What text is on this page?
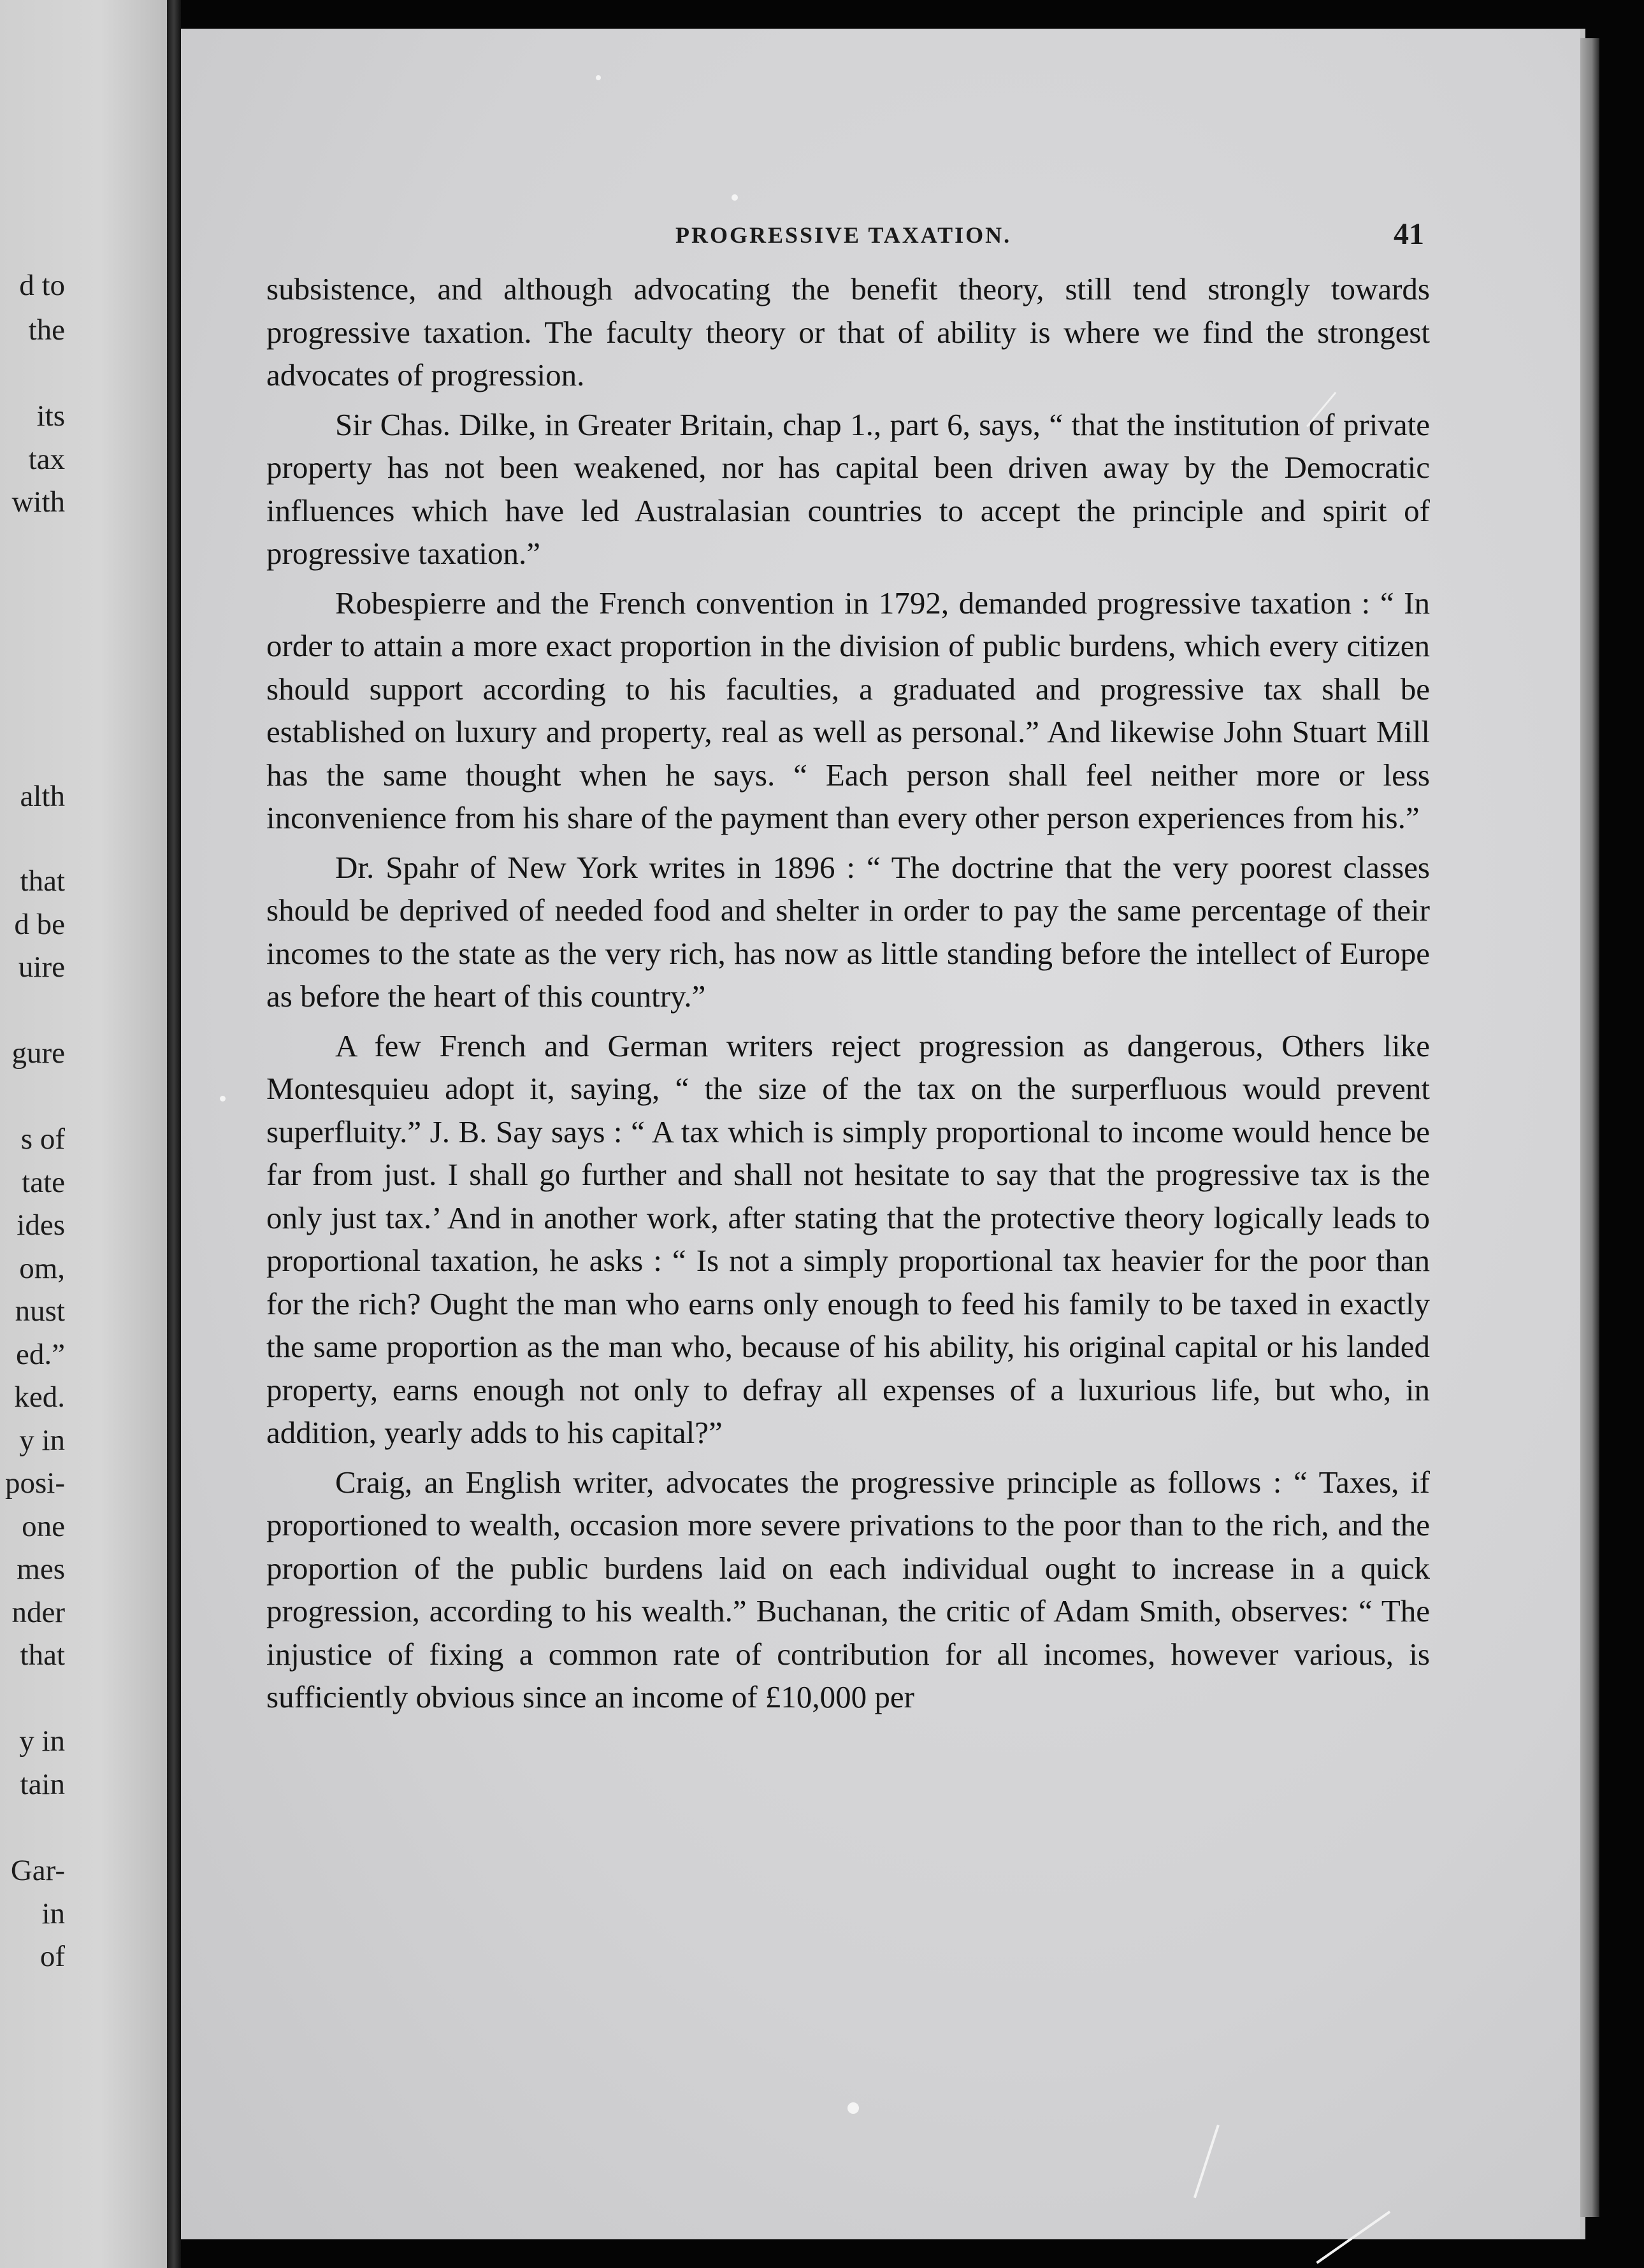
d to
the
its
tax
with
alth
that
d be
uire
gure
s of
tate
ides
om,
nust
ed.”
ked.
y in
posi-
one
mes
nder
that
y in
tain
Gar-
in
of
PROGRESSIVE TAXATION.	41

subsistence, and although advocating the benefit theory, still tend strongly towards progressive taxation. The faculty theory or that of ability is where we find the strongest advocates of progression.

Sir Chas. Dilke, in Greater Britain, chap 1., part 6, says, “ that the institution of private property has not been weakened, nor has capital been driven away by the Democratic influences which have led Australasian countries to accept the principle and spirit of progressive taxation.”

Robespierre and the French convention in 1792, demanded progressive taxation : “ In order to attain a more exact proportion in the division of public burdens, which every citizen should support according to his faculties, a graduated and progressive tax shall be established on luxury and property, real as well as personal.” And likewise John Stuart Mill has the same thought when he says. “ Each person shall feel neither more or less inconvenience from his share of the payment than every other person experiences from his.”

Dr. Spahr of New York writes in 1896 : “ The doctrine that the very poorest classes should be deprived of needed food and shelter in order to pay the same percentage of their incomes to the state as the very rich, has now as little standing before the intellect of Europe as before the heart of this country.”

A few French and German writers reject progression as dangerous, Others like Montesquieu adopt it, saying, “ the size of the tax on the surperfluous would prevent superfluity.” J. B. Say says : “ A tax which is simply proportional to income would hence be far from just. I shall go further and shall not hesitate to say that the progressive tax is the only just tax.’ And in another work, after stating that the protective theory logically leads to proportional taxation, he asks : “ Is not a simply proportional tax heavier for the poor than for the rich? Ought the man who earns only enough to feed his family to be taxed in exactly the same proportion as the man who, because of his ability, his original capital or his landed property, earns enough not only to defray all expenses of a luxurious life, but who, in addition, yearly adds to his capital?”

Craig, an English writer, advocates the progressive principle as follows : “ Taxes, if proportioned to wealth, occasion more severe privations to the poor than to the rich, and the proportion of the public burdens laid on each individual ought to increase in a quick progression, according to his wealth.” Buchanan, the critic of Adam Smith, observes: “ The injustice of fixing a common rate of contribution for all incomes, however various, is sufficiently obvious since an income of £10,000 per
